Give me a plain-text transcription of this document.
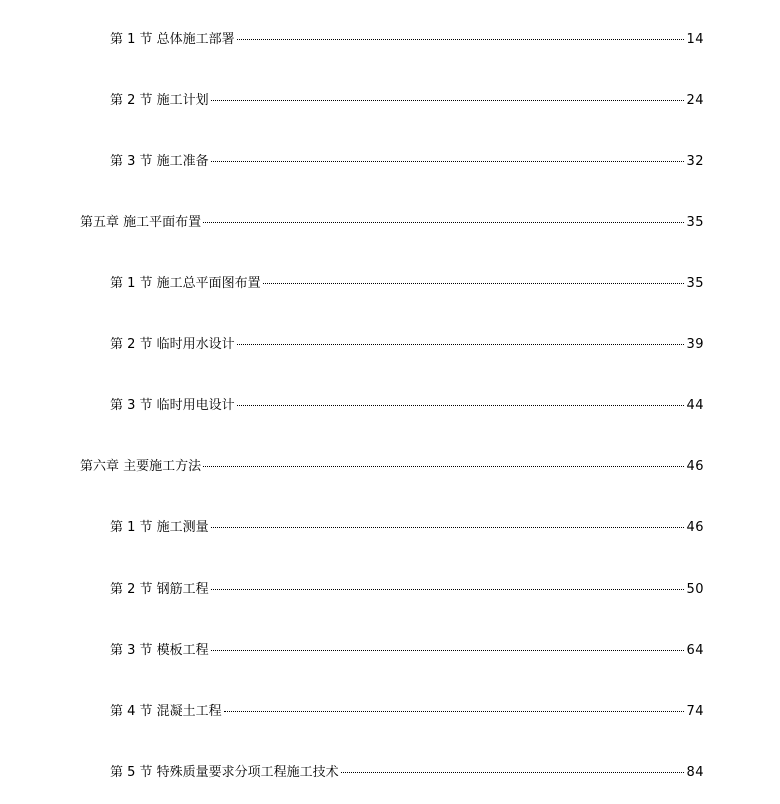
第 1 节 总体施工部署	14
第 2 节 施工计划	24
第 3 节 施工准备	32
第五章 施工平面布置	35
第 1 节 施工总平面图布置	35
第 2 节 临时用水设计	39
第 3 节 临时用电设计	44
第六章 主要施工方法	46
第 1 节 施工测量	46
第 2 节 钢筋工程	50
第 3 节 模板工程	64
第 4 节 混凝土工程	74
第 5 节 特殊质量要求分项工程施工技术	84
